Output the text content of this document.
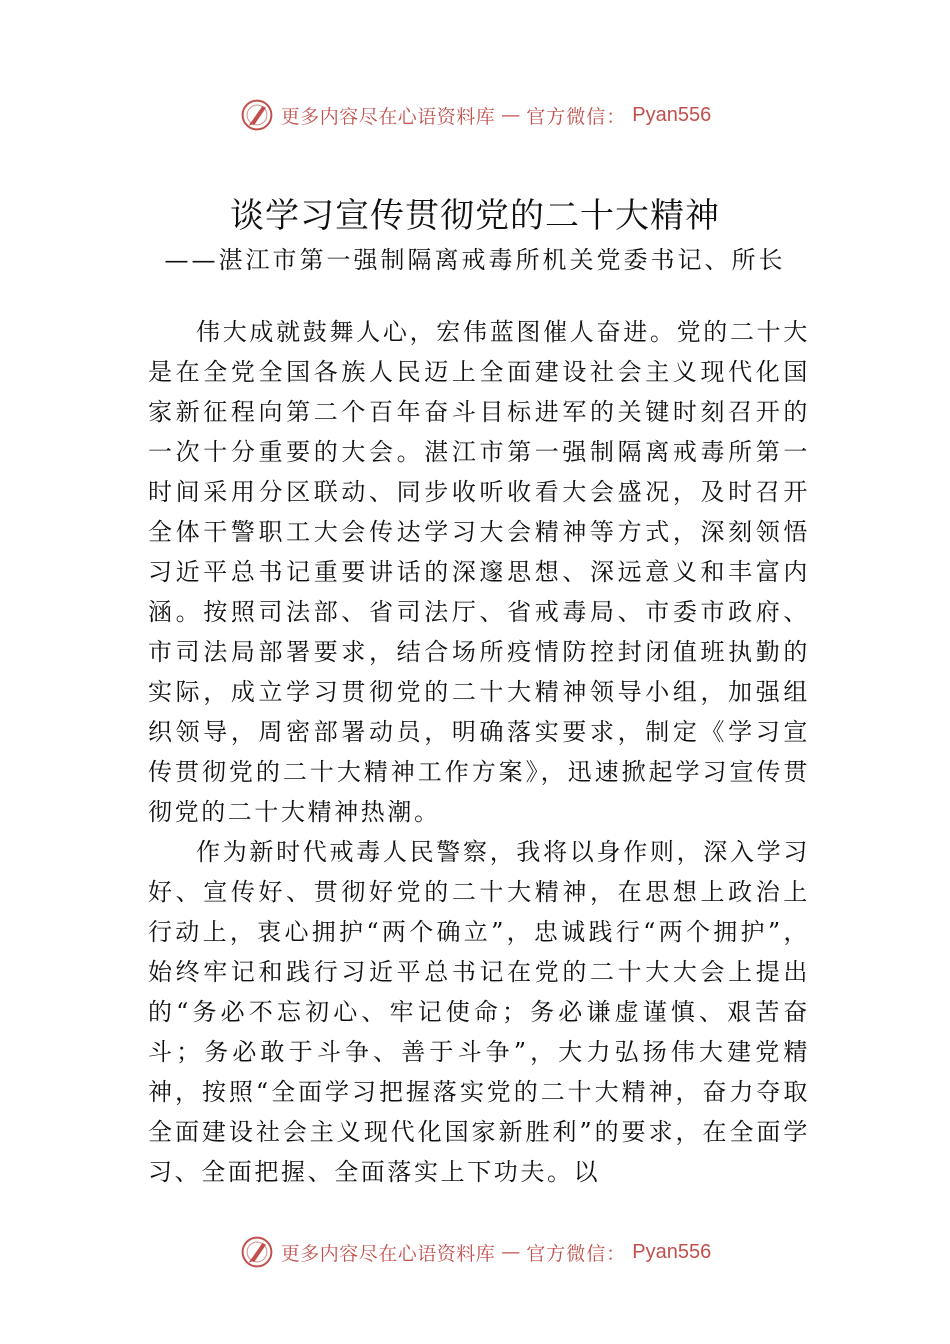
更多内容尽在心语资料库 — 官方微信： Pyan556
谈学习宣传贯彻党的二十大精神
——湛江市第一强制隔离戒毒所机关党委书记、所长

伟大成就鼓舞人心，宏伟蓝图催人奋进。党的二十大是在全党全国各族人民迈上全面建设社会主义现代化国家新征程向第二个百年奋斗目标进军的关键时刻召开的一次十分重要的大会。湛江市第一强制隔离戒毒所第一时间采用分区联动、同步收听收看大会盛况，及时召开全体干警职工大会传达学习大会精神等方式，深刻领悟习近平总书记重要讲话的深邃思想、深远意义和丰富内涵。按照司法部、省司法厅、省戒毒局、市委市政府、市司法局部署要求，结合场所疫情防控封闭值班执勤的实际，成立学习贯彻党的二十大精神领导小组，加强组织领导，周密部署动员，明确落实要求，制定《学习宣传贯彻党的二十大精神工作方案》，迅速掀起学习宣传贯彻党的二十大精神热潮。

作为新时代戒毒人民警察，我将以身作则，深入学习好、宣传好、贯彻好党的二十大精神，在思想上政治上行动上，衷心拥护“两个确立”，忠诚践行“两个拥护”，始终牢记和践行习近平总书记在党的二十大大会上提出的“务必不忘初心、牢记使命；务必谦虚谨慎、艰苦奋斗；务必敢于斗争、善于斗争”，大力弘扬伟大建党精神，按照“全面学习把握落实党的二十大精神，奋力夺取全面建设社会主义现代化国家新胜利”的要求，在全面学习、全面把握、全面落实上下功夫。以

更多内容尽在心语资料库 — 官方微信： Pyan556
